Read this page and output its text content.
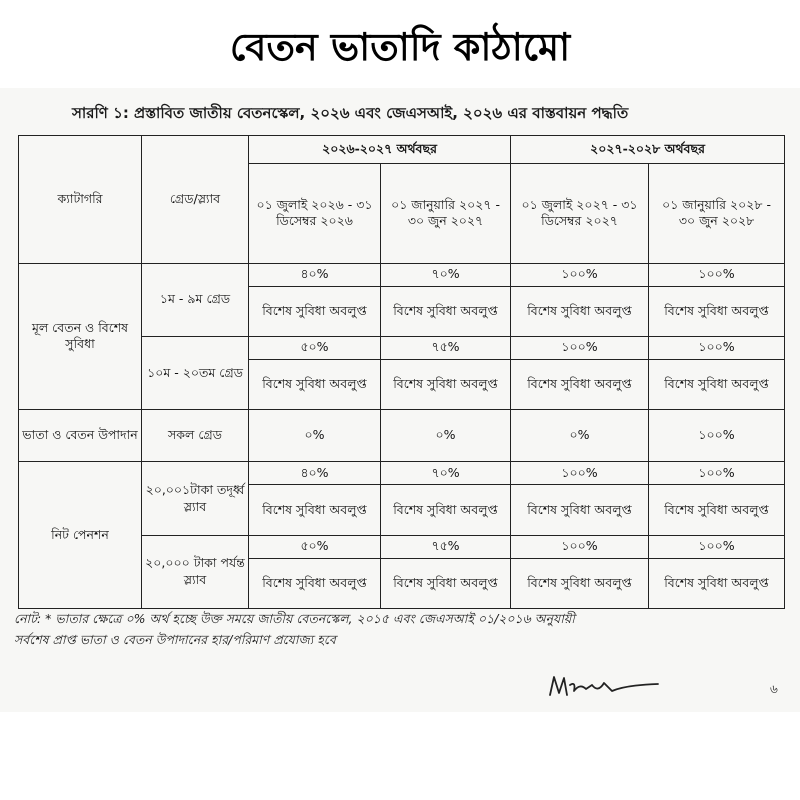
বেতন ভাতাদি কাঠামো
সারণি ১: প্রস্তাবিত জাতীয় বেতনস্কেল, ২০২৬ এবং জেএসআই, ২০২৬ এর বাস্তবায়ন পদ্ধতি
ক্যাটাগরি	গ্রেড/স্ল্যাব	২০২৬-২০২৭ অর্থবছর		২০২৭-২০২৮ অর্থবছর	
		০১ জুলাই ২০২৬ - ৩১ ডিসেম্বর ২০২৬	০১ জানুয়ারি ২০২৭ - ৩০ জুন ২০২৭	০১ জুলাই ২০২৭ - ৩১ ডিসেম্বর ২০২৭	০১ জানুয়ারি ২০২৮ - ৩০ জুন ২০২৮
মূল বেতন ও বিশেষ সুবিধা	১ম - ৯ম গ্রেড	৪০%	৭০%	১০০%	১০০%
		বিশেষ সুবিধা অবলুপ্ত	বিশেষ সুবিধা অবলুপ্ত	বিশেষ সুবিধা অবলুপ্ত	বিশেষ সুবিধা অবলুপ্ত

	১০ম - ২০তম গ্রেড	৫০%	৭৫%	১০০%	১০০%
		বিশেষ সুবিধা অবলুপ্ত	বিশেষ সুবিধা অবলুপ্ত	বিশেষ সুবিধা অবলুপ্ত	বিশেষ সুবিধা অবলুপ্ত

ভাতা ও বেতন উপাদান	সকল গ্রেড	০%	০%	০%	১০০%
নিট পেনশন	২০,০০১টাকা তদূর্ধ্ব স্ল্যাব	৪০%	৭০%	১০০%	১০০%
		বিশেষ সুবিধা অবলুপ্ত	বিশেষ সুবিধা অবলুপ্ত	বিশেষ সুবিধা অবলুপ্ত	বিশেষ সুবিধা অবলুপ্ত

	২০,০০০ টাকা পর্যন্ত স্ল্যাব	৫০%	৭৫%	১০০%	১০০%
		বিশেষ সুবিধা অবলুপ্ত	বিশেষ সুবিধা অবলুপ্ত	বিশেষ সুবিধা অবলুপ্ত	বিশেষ সুবিধা অবলুপ্ত

নোট: * ভাতার ক্ষেত্রে ০% অর্থ হচ্ছে উক্ত সময়ে জাতীয় বেতনস্কেল, ২০১৫ এবং জেএসআই ০১/২০১৬ অনুযায়ী
সর্বশেষ প্রাপ্ত ভাতা ও বেতন উপাদানের হার/পরিমাণ প্রযোজ্য হবে
৬
